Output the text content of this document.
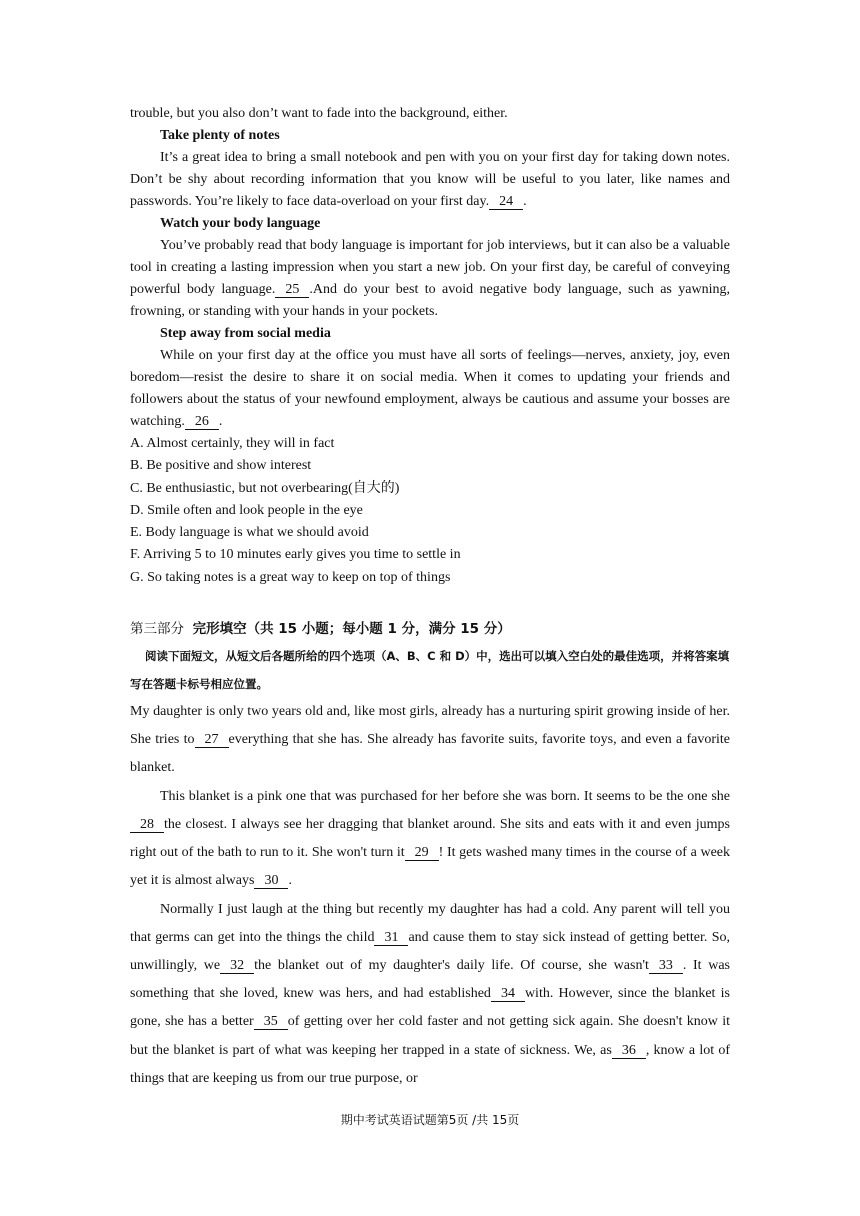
trouble, but you also don’t want to fade into the background, either.
Take plenty of notes
It’s a great idea to bring a small notebook and pen with you on your first day for taking down notes. Don’t be shy about recording information that you know will be useful to you later, like names and passwords. You’re likely to face data-overload on your first day. 24 .
Watch your body language
You’ve probably read that body language is important for job interviews, but it can also be a valuable tool in creating a lasting impression when you start a new job. On your first day, be careful of conveying powerful body language. 25 .And do your best to avoid negative body language, such as yawning, frowning, or standing with your hands in your pockets.
Step away from social media
While on your first day at the office you must have all sorts of feelings—nerves, anxiety, joy, even boredom—resist the desire to share it on social media. When it comes to updating your friends and followers about the status of your newfound employment, always be cautious and assume your bosses are watching. 26 .
A. Almost certainly, they will in fact
B. Be positive and show interest
C. Be enthusiastic, but not overbearing(自大的)
D. Smile often and look people in the eye
E. Body language is what we should avoid
F. Arriving 5 to 10 minutes early gives you time to settle in
G. So taking notes is a great way to keep on top of things
第三部分 完形填空（共 15 小题；每小题 1 分，满分 15 分）
阅读下面短文，从短文后各题所给的四个选项（A、B、C 和 D）中，选出可以填入空白处的最佳选项，并将答案填写在答题卡标号相应位置。
My daughter is only two years old and, like most girls, already has a nurturing spirit growing inside of her. She tries to 27 everything that she has. She already has favorite suits, favorite toys, and even a favorite blanket.
This blanket is a pink one that was purchased for her before she was born. It seems to be the one she28 the closest. I always see her dragging that blanket around. She sits and eats with it and even jumps right out of the bath to run to it. She won't turn it 29 ! It gets washed many times in the course of a week yet it is almost always 30 .
Normally I just laugh at the thing but recently my daughter has had a cold. Any parent will tell you that germs can get into the things the child 31 and cause them to stay sick instead of getting better. So, unwillingly, we 32 the blanket out of my daughter's daily life. Of course, she wasn't 33 . It was something that she loved, knew was hers, and had established 34 with. However, since the blanket is gone, she has a better 35 of getting over her cold faster and not getting sick again. She doesn't know it but the blanket is part of what was keeping her trapped in a state of sickness. We, as 36 , know a lot of things that are keeping us from our true purpose, or
期中考试英语试题第5页 /共 15页
